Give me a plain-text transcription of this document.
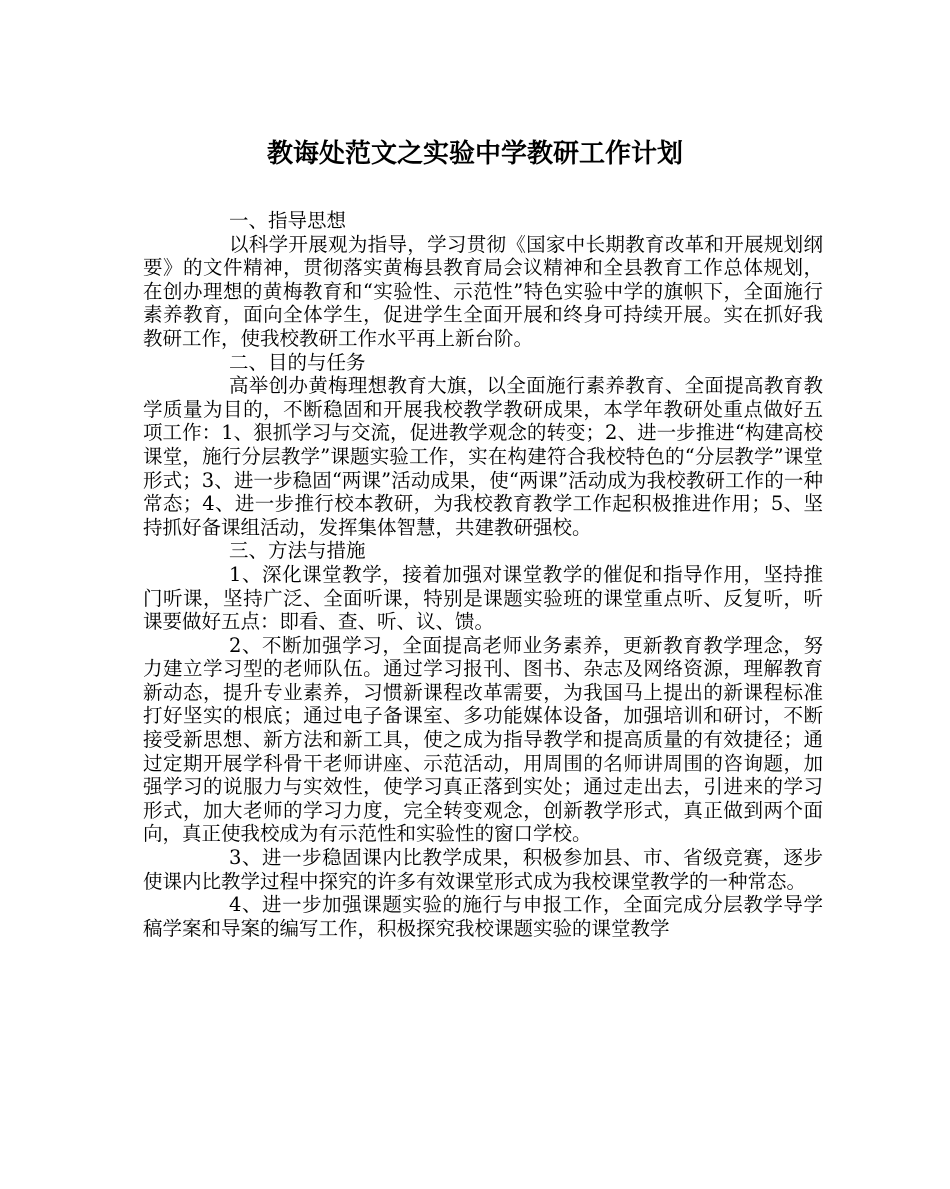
教诲处范文之实验中学教研工作计划

一、指导思想

以科学开展观为指导，学习贯彻《国家中长期教育改革和开展规划纲要》的文件精神，贯彻落实黄梅县教育局会议精神和全县教育工作总体规划，在创办理想的黄梅教育和“实验性、示范性”特色实验中学的旗帜下，全面施行素养教育，面向全体学生，促进学生全面开展和终身可持续开展。实在抓好我教研工作，使我校教研工作水平再上新台阶。

二、目的与任务

高举创办黄梅理想教育大旗，以全面施行素养教育、全面提高教育教学质量为目的，不断稳固和开展我校教学教研成果，本学年教研处重点做好五项工作：1、狠抓学习与交流，促进教学观念的转变；2、进一步推进“构建高校课堂，施行分层教学”课题实验工作，实在构建符合我校特色的“分层教学”课堂形式；3、进一步稳固“两课”活动成果，使“两课”活动成为我校教研工作的一种常态；4、进一步推行校本教研，为我校教育教学工作起积极推进作用；5、坚持抓好备课组活动，发挥集体智慧，共建教研强校。

三、方法与措施

1、深化课堂教学，接着加强对课堂教学的催促和指导作用，坚持推门听课，坚持广泛、全面听课，特别是课题实验班的课堂重点听、反复听，听课要做好五点：即看、查、听、议、馈。

2、不断加强学习，全面提高老师业务素养，更新教育教学理念，努力建立学习型的老师队伍。通过学习报刊、图书、杂志及网络资源，理解教育新动态，提升专业素养，习惯新课程改革需要，为我国马上提出的新课程标准打好坚实的根底；通过电子备课室、多功能媒体设备，加强培训和研讨，不断接受新思想、新方法和新工具，使之成为指导教学和提高质量的有效捷径；通过定期开展学科骨干老师讲座、示范活动，用周围的名师讲周围的咨询题，加强学习的说服力与实效性，使学习真正落到实处；通过走出去，引进来的学习形式，加大老师的学习力度，完全转变观念，创新教学形式，真正做到两个面向，真正使我校成为有示范性和实验性的窗口学校。

3、进一步稳固课内比教学成果，积极参加县、市、省级竞赛，逐步使课内比教学过程中探究的许多有效课堂形式成为我校课堂教学的一种常态。

4、进一步加强课题实验的施行与申报工作，全面完成分层教学导学稿学案和导案的编写工作，积极探究我校课题实验的课堂教学
